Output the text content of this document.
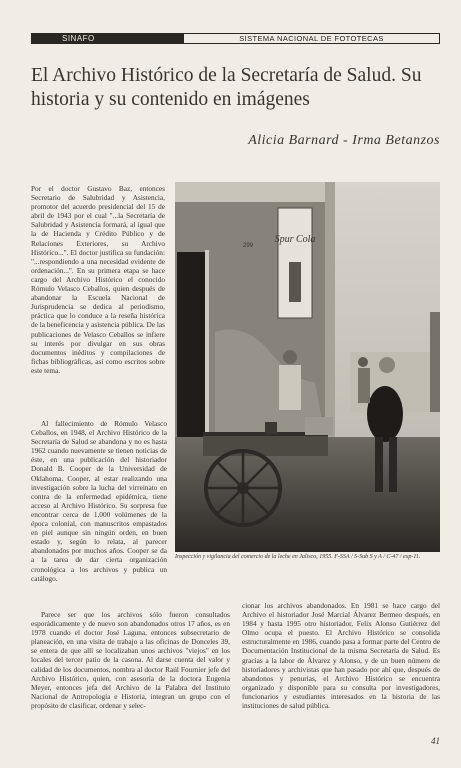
SINAFO	SISTEMA NACIONAL DE FOTOTECAS
El Archivo Histórico de la Secretaría de Salud. Su historia y su contenido en imágenes
Alicia Barnard - Irma Betanzos

Por el doctor Gustavo Baz, entonces Secretario de Salubridad y Asistencia, promotor del acuerdo presidencial del 15 de abril de 1943 por el cual "...la Secretaría de Salubridad y Asistencia formará, al igual que la de Hacienda y Crédito Público y de Relaciones Exteriores, su Archivo Histórico...". El doctor justifica su fundación: "...respondiendo a una necesidad evidente de ordenación...". En su primera etapa se hace cargo del Archivo Histórico el conocido Rómulo Velasco Ceballos, quien después de abandonar la Escuela Nacional de Jurisprudencia se dedica al periodismo, práctica que lo conduce a la reseña histórica de la beneficencia y asistencia pública. De las publicaciones de Velasco Ceballos se infiere su interés por divulgar en sus obras documentos inéditos y compilaciones de fichas bibliográficas, así como escritos sobre este tema.

Al fallecimiento de Rómulo Velasco Ceballos, en 1948, el Archivo Histórico de la Secretaría de Salud se abandona y no es hasta 1962 cuando nuevamente se tienen noticias de éste, en una publicación del historiador Donald B. Cooper de la Universidad de Oklahoma. Cooper, al estar realizando una investigación sobre la lucha del virreinato en contra de la enfermedad epidémica, tiene acceso al Archivo Histórico. Su sorpresa fue encontrar cerca de 1,000 volúmenes de la época colonial, con manuscritos empastados en piel aunque sin ningún orden, en buen estado y, según lo relata, al parecer abandonados por muchos años. Cooper se da a la tarea de dar cierta organización cronológica a los archivos y publica un catálogo.

Spur Cola
299
Inspección y vigilancia del comercio de la leche en Jalisco, 1955. F-SSA / S-Sub S y A / C-47 / exp-11.

Parece ser que los archivos sólo fueron consultados esporádicamente y de nuevo son abandonados otros 17 años, es en 1978 cuando el doctor José Laguna, entonces subsecretario de planeación, en una visita de trabajo a las oficinas de Donceles 39, se entera de que allí se localizaban unos archivos "viejos" en los locales del tercer patio de la casona. Al darse cuenta del valor y calidad de los documentos, nombra al doctor Raúl Fournier jefe del Archivo Histórico, quien, con asesoría de la doctora Eugenia Meyer, entonces jefa del Archivo de la Palabra del Instituto Nacional de Antropología e Historia, integran un grupo con el propósito de clasificar, ordenar y selec-

cionar los archivos abandonados. En 1981 se hace cargo del Archivo el historiador José Marcial Álvarez Bermeo después, en 1984 y hasta 1995 otro historiador, Felix Alonso Gutiérrez del Olmo ocupa el puesto. El Archivo Histórico se consolida estructuralmente en 1986, cuando pasa a formar parte del Centro de Documentación Institucional de la misma Secretaría de Salud. Es gracias a la labor de Álvarez y Alonso, y de un buen número de historiadores y archivistas que han pasado por ahí que, después de abandonos y penurias, el Archivo Histórico se encuentra organizado y disponible para su consulta por investigadores, funcionarios y estudiantes interesados en la historia de las instituciones de salud pública.

41
